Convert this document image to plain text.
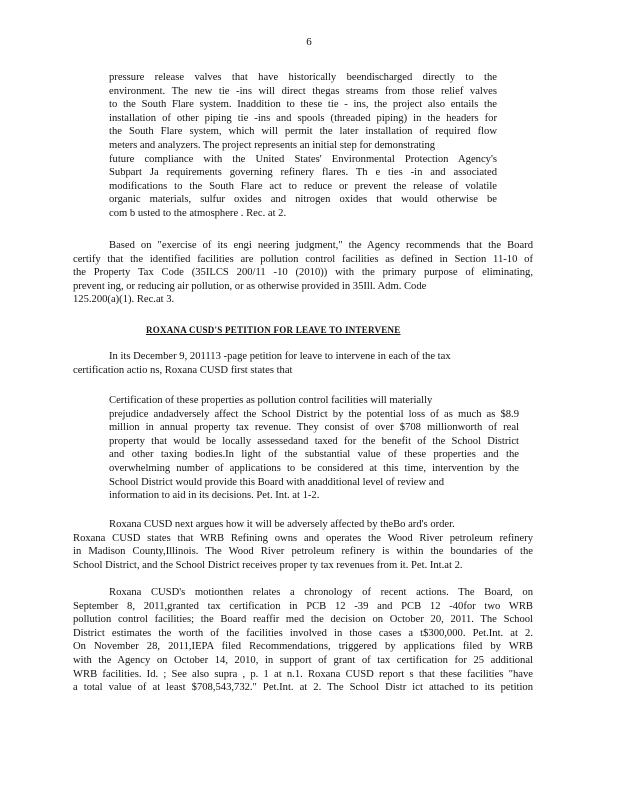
6
pressure release valves that have historically beendischarged directly to the
environment. The new tie -ins will direct thegas streams from those relief valves
to the South Flare system. Inaddition to these tie - ins, the project also entails the
installation of other piping tie -ins and spools (threaded piping) in the headers for
the South Flare system, which will permit the later installation of required flow
meters and analyzers. The project represents an initial step for demonstrating
future compliance with the United States' Environmental Protection Agency's
Subpart Ja requirements governing refinery flares. Th e ties -in and associated
modifications to the South Flare act to reduce or prevent the release of volatile
organic materials, sulfur oxides and nitrogen oxides that would otherwise be
com b usted to the atmosphere . Rec. at 2.
Based on "exercise of its engi neering judgment," the Agency recommends that the Board
certify that the identified facilities are pollution control facilities as defined in Section 11-10 of
the Property Tax Code (35ILCS 200/11 -10 (2010)) with the primary purpose of eliminating,
prevent ing, or reducing air pollution, or as otherwise provided in 35Ill. Adm. Code
125.200(a)(1). Rec.at 3.
ROXANA CUSD'S PETITION FOR LEAVE TO INTERVENE
In its December 9, 201113 -page petition for leave to intervene in each of the tax
certification actio ns, Roxana CUSD first states that
Certification of these properties as pollution control facilities will materially
prejudice andadversely affect the School District by the potential loss of as much as $8.9
million in annual property tax revenue. They consist of over $708 millionworth of real
property that would be locally assessedand taxed for the benefit of the School District
and other taxing bodies.In light of the substantial value of these properties and the
overwhelming number of applications to be considered at this time, intervention by the
School District would provide this Board with anadditional level of review and
information to aid in its decisions. Pet. Int. at 1-2.
Roxana CUSD next argues how it will be adversely affected by theBo ard's order.
Roxana CUSD states that WRB Refining owns and operates the Wood River petroleum refinery
in Madison County,Illinois. The Wood River petroleum refinery is within the boundaries of the
School District, and the School District receives proper ty tax revenues from it. Pet. Int.at 2.
Roxana CUSD's motionthen relates a chronology of recent actions. The Board, on
September 8, 2011,granted tax certification in PCB 12 -39 and PCB 12 -40for two WRB
pollution control facilities; the Board reaffir med the decision on October 20, 2011. The School
District estimates the worth of the facilities involved in those cases a t$300,000. Pet.Int. at 2.
On November 28, 2011,IEPA filed Recommendations, triggered by applications filed by WRB
with the Agency on October 14, 2010, in support of grant of tax certification for 25 additional
WRB facilities. Id. ; See also supra , p. 1 at n.1. Roxana CUSD report s that these facilities "have
a total value of at least $708,543,732." Pet.Int. at 2. The School Distr ict attached to its petition
